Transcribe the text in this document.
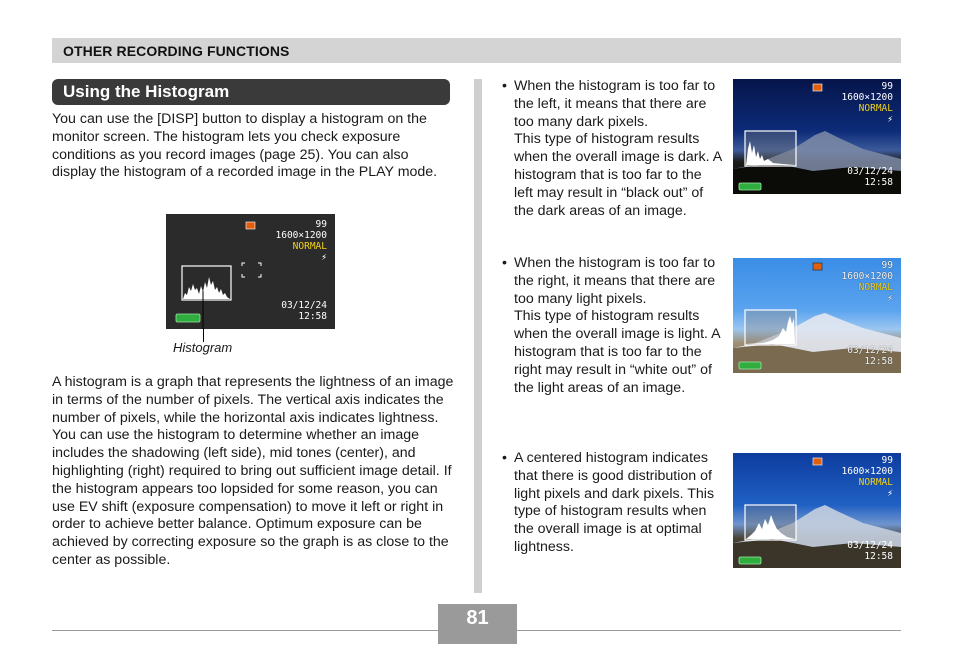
OTHER RECORDING FUNCTIONS
Using the Histogram

You can use the [DISP] button to display a histogram on the monitor screen. The histogram lets you check exposure conditions as you record images (page 25). You can also display the histogram of a recorded image in the PLAY mode.

99
1600×1200
NORMAL
⚡
03/12/24
12:58
Histogram

A histogram is a graph that represents the lightness of an image in terms of the number of pixels. The vertical axis indicates the number of pixels, while the horizontal axis indicates lightness. You can use the histogram to determine whether an image includes the shadowing (left side), mid tones (center), and highlighting (right) required to bring out sufficient image detail. If the histogram appears too lopsided for some reason, you can use EV shift (exposure compensation) to move it left or right in order to achieve better balance. Optimum exposure can be achieved by correcting exposure so the graph is as close to the center as possible.

• When the histogram is too far to the left, it means that there are too many dark pixels.

This type of histogram results when the overall image is dark. A histogram that is too far to the left may result in “black out” of the dark areas of an image.

• When the histogram is too far to the right, it means that there are too many light pixels.

This type of histogram results when the overall image is light. A histogram that is too far to the right may result in “white out” of the light areas of an image.

• A centered histogram indicates that there is good distribution of light pixels and dark pixels. This type of histogram results when the overall image is at optimal lightness.

99
1600×1200
NORMAL
⚡
03/12/24
12:58
99
1600×1200
NORMAL
⚡
03/12/24
12:58
99
1600×1200
NORMAL
⚡
03/12/24
12:58
81
